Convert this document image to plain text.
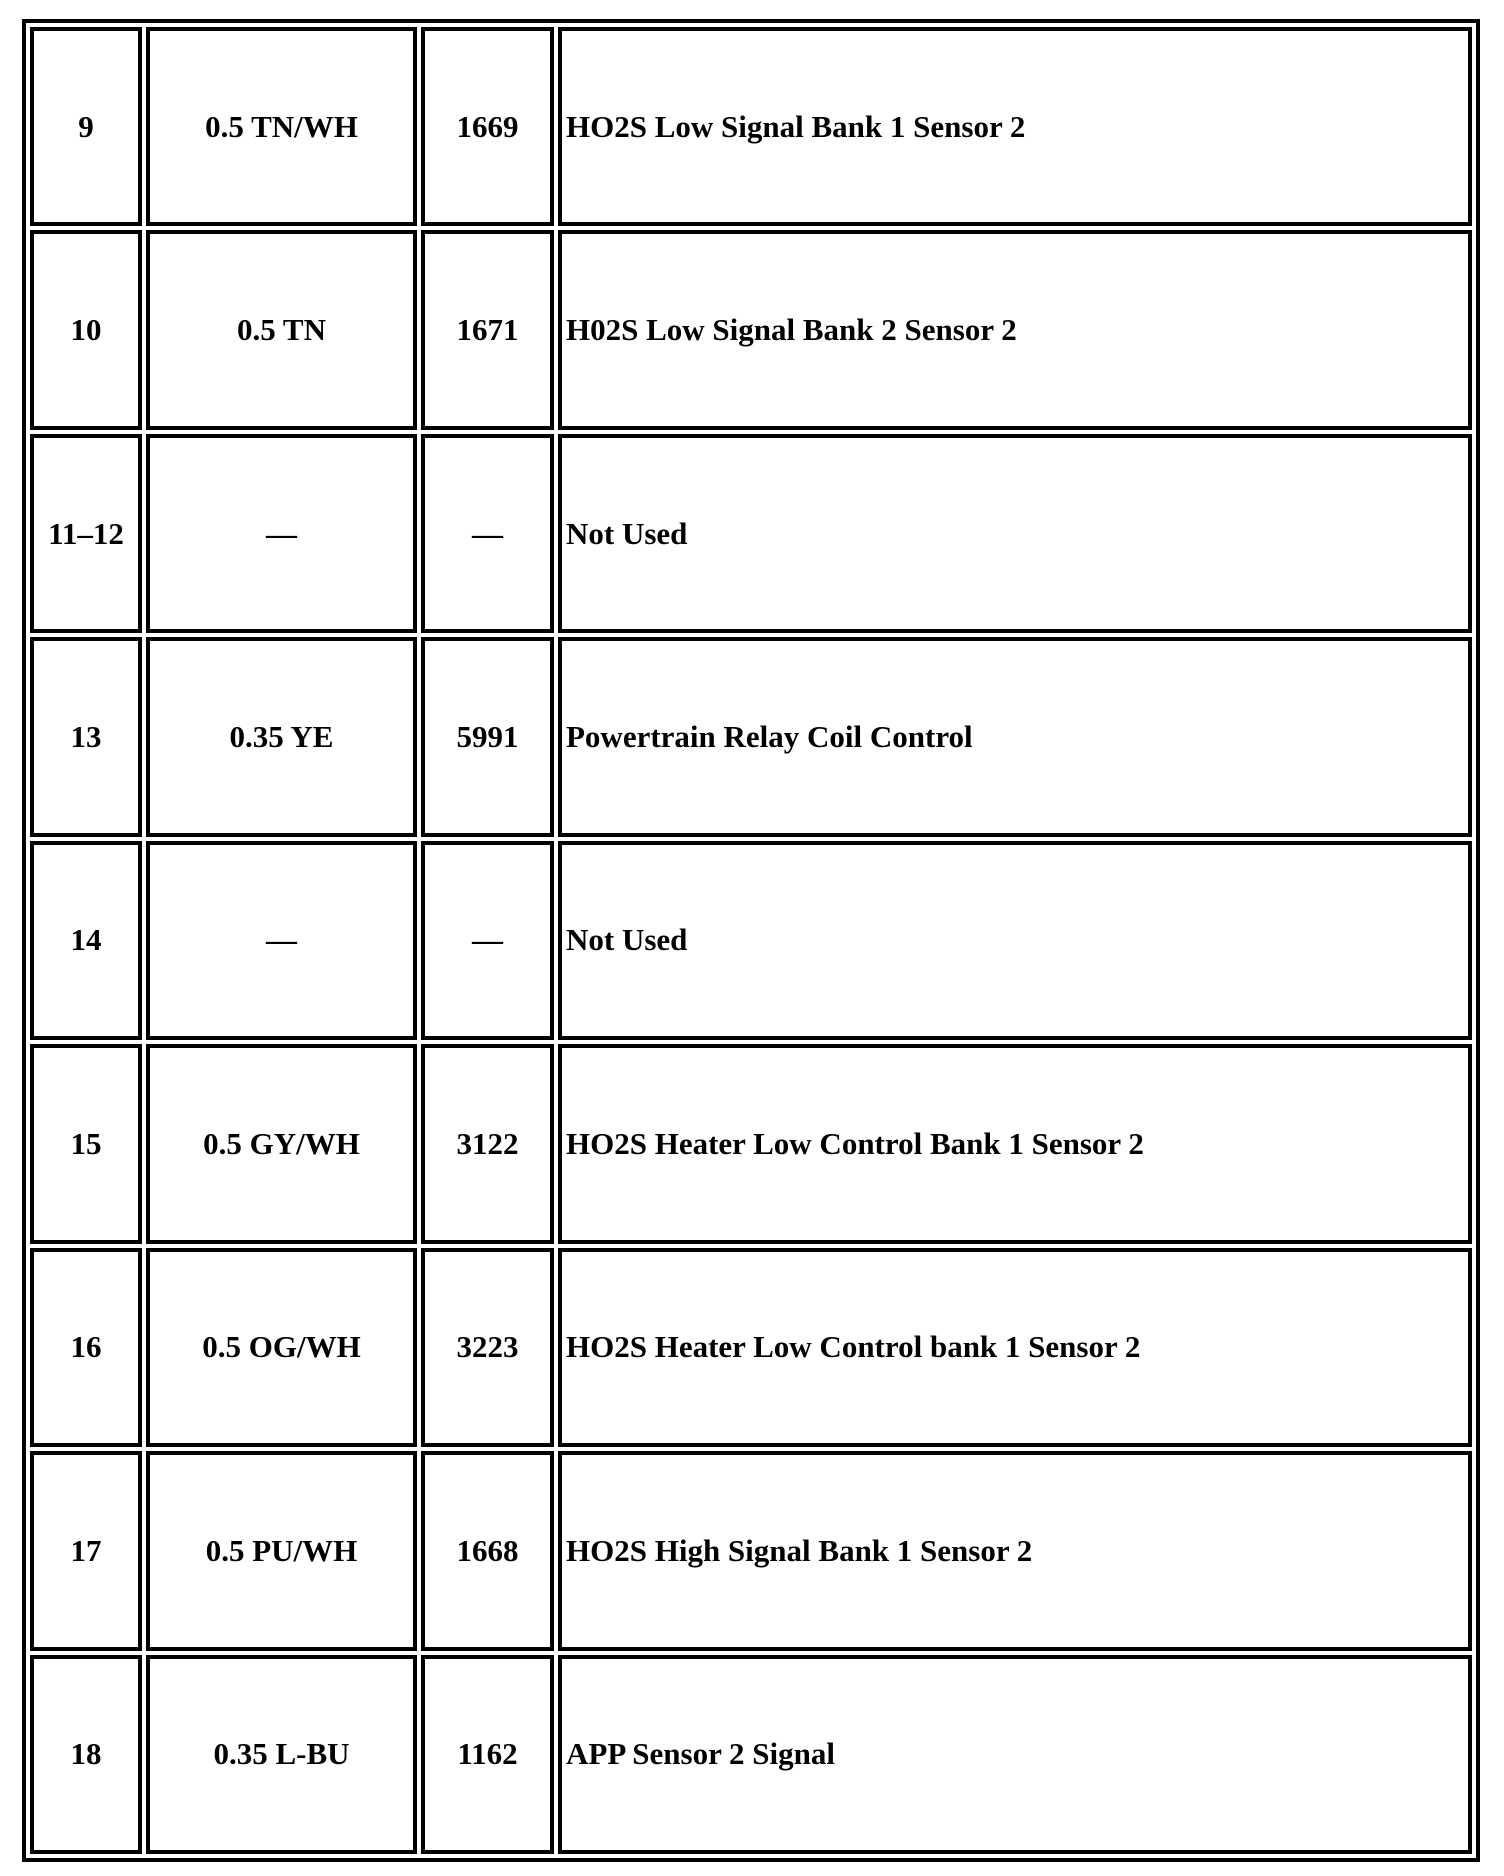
9	0.5 TN/WH	1669	HO2S Low Signal Bank 1 Sensor 2
10	0.5 TN	1671	H02S Low Signal Bank 2 Sensor 2
11–12	—	—	Not Used
13	0.35 YE	5991	Powertrain Relay Coil Control
14	—	—	Not Used
15	0.5 GY/WH	3122	HO2S Heater Low Control Bank 1 Sensor 2
16	0.5 OG/WH	3223	HO2S Heater Low Control bank 1 Sensor 2
17	0.5 PU/WH	1668	HO2S High Signal Bank 1 Sensor 2
18	0.35 L-BU	1162	APP Sensor 2 Signal
